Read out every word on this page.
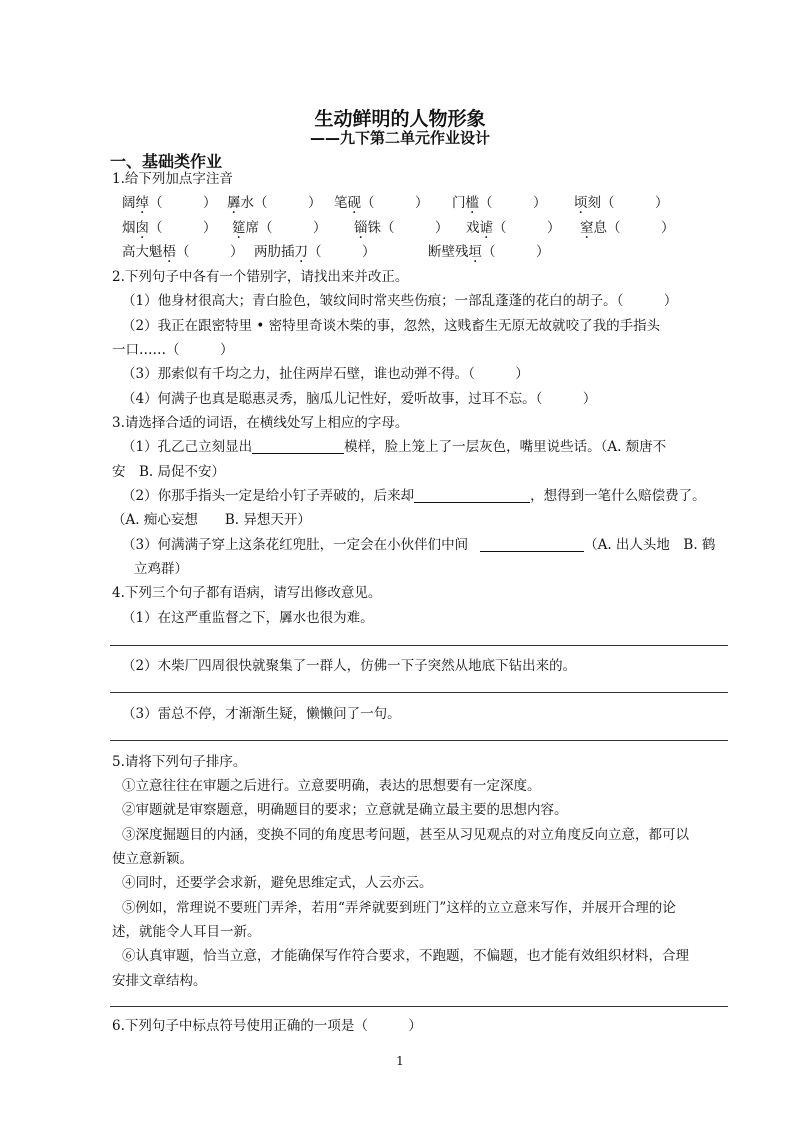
生动鲜明的人物形象
——九下第二单元作业设计
一、基础类作业
1.给下列加点字注音
阔绰（　　　） 羼水（　　　） 笔砚（　　　） 门槛（　　　） 顷刻（　　　）
烟囱（　　　） 筵席（　　　） 锱铢（　　　） 戏谑（　　　） 窒息（　　　）
高大魁梧（　　　） 两肋插刀（　　　）	断壁残垣（　　　）
2.下列句子中各有一个错别字，请找出来并改正。
（1）他身材很高大；青白脸色，皱纹间时常夹些伤痕；一部乱蓬蓬的花白的胡子。（　　　）
（2）我正在跟密特里 • 密特里奇谈木柴的事，忽然，这贱畜生无原无故就咬了我的手指头
一口……（　　　）
（3）那索似有千均之力，扯住两岸石壁，谁也动弹不得。（　　　）
（4）何满子也真是聪惠灵秀，脑瓜儿记性好，爱听故事，过耳不忘。（　　　）
3.请选择合适的词语，在横线处写上相应的字母。
（1）孔乙己立刻显出	模样，脸上笼上了一层灰色，嘴里说些话。（A. 颓唐不
安　B. 局促不安）
（2）你那手指头一定是给小钉子弄破的，后来却	，想得到一笔什么赔偿费了。
（A. 痴心妄想　　B. 异想天开）
（3）何满满子穿上这条花红兜肚，一定会在小伙伴们中间	（A. 出人头地　B. 鹤
立鸡群）
4.下列三个句子都有语病，请写出修改意见。
（1）在这严重监督之下，羼水也很为难。
（2）木柴厂四周很快就聚集了一群人，仿佛一下子突然从地底下钻出来的。
（3）雷总不停，才渐渐生疑，懒懒问了一句。
5.请将下列句子排序。
①立意往往在审题之后进行。立意要明确，表达的思想要有一定深度。
②审题就是审察题意，明确题目的要求；立意就是确立最主要的思想内容。
③深度掘题目的内涵，变换不同的角度思考问题，甚至从习见观点的对立角度反向立意，都可以
使立意新颖。
④同时，还要学会求新，避免思维定式，人云亦云。
⑤例如，常理说不要班门弄斧，若用“弄斧就要到班门”这样的立立意来写作，并展开合理的论
述，就能令人耳目一新。
⑥认真审题，恰当立意，才能确保写作符合要求，不跑题，不偏题，也才能有效组织材料，合理
安排文章结构。
6.下列句子中标点符号使用正确的一项是（　　　）
1
